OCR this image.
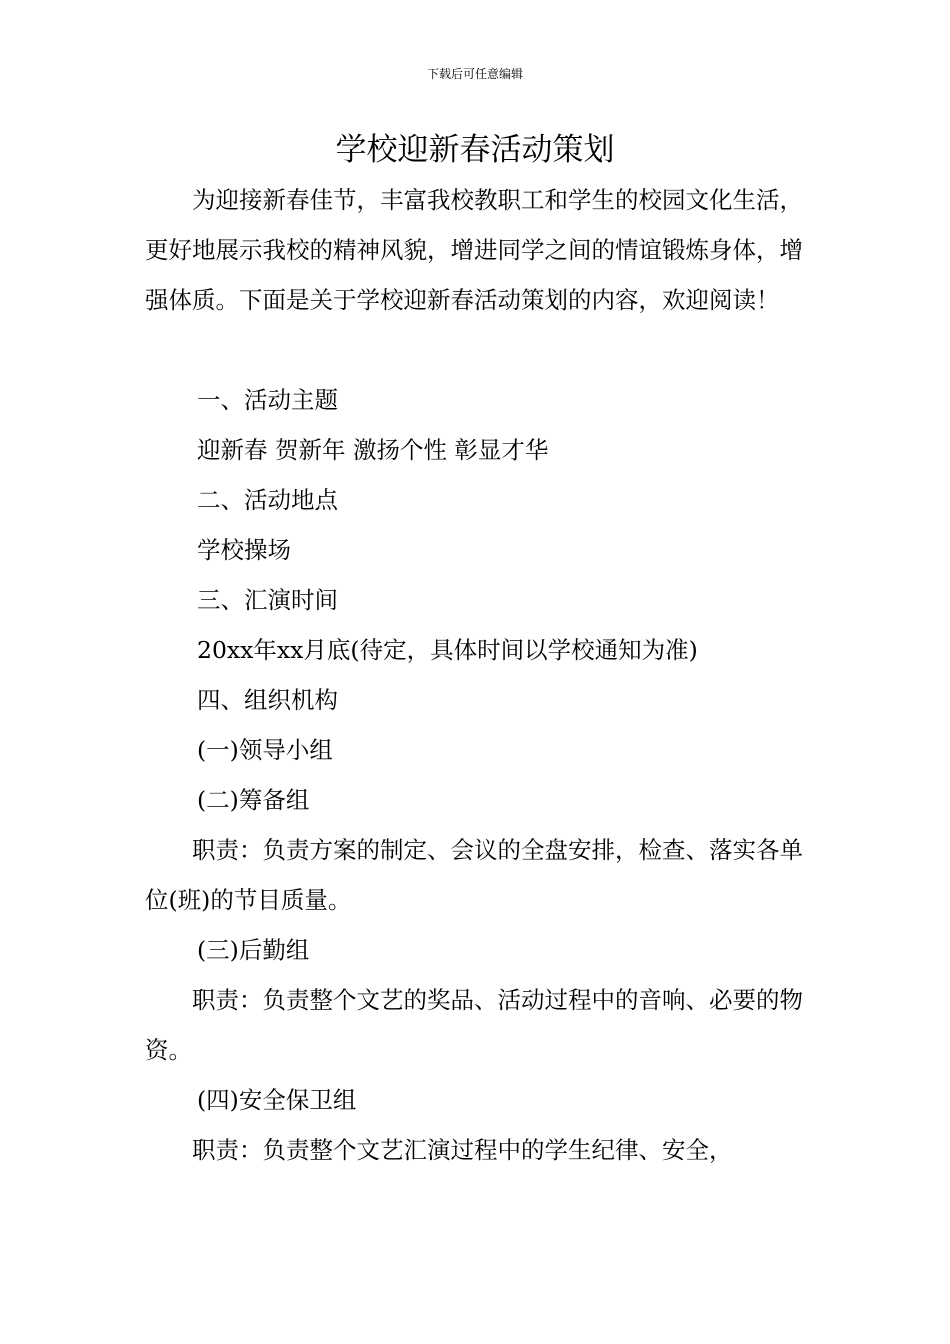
下载后可任意编辑
学校迎新春活动策划

为迎接新春佳节，丰富我校教职工和学生的校园文化生活，更好地展示我校的精神风貌，增进同学之间的情谊锻炼身体，增强体质。下面是关于学校迎新春活动策划的内容，欢迎阅读！

一、活动主题

迎新春 贺新年 激扬个性 彰显才华

二、活动地点

学校操场

三、汇演时间

20xx年xx月底(待定，具体时间以学校通知为准)

四、组织机构

(一)领导小组

(二)筹备组

职责：负责方案的制定、会议的全盘安排，检查、落实各单位(班)的节目质量。

(三)后勤组

职责：负责整个文艺的奖品、活动过程中的音响、必要的物资。

(四)安全保卫组

职责：负责整个文艺汇演过程中的学生纪律、安全，
